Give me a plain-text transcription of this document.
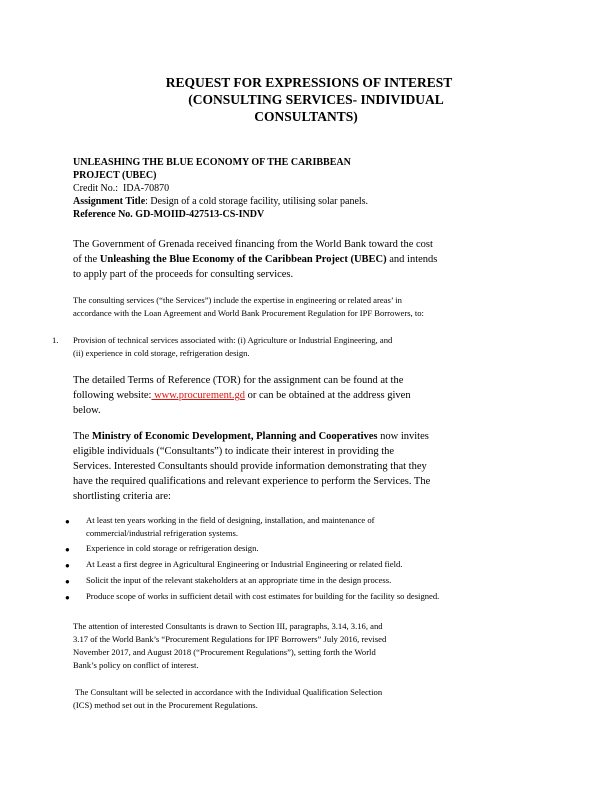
REQUEST FOR EXPRESSIONS OF INTEREST
(CONSULTING SERVICES- INDIVIDUAL
CONSULTANTS)
UNLEASHING THE BLUE ECONOMY OF THE CARIBBEAN
PROJECT (UBEC)
Credit No.: IDA-70870
Assignment Title: Design of a cold storage facility, utilising solar panels.
Reference No. GD-MOIID-427513-CS-INDV
The Government of Grenada received financing from the World Bank toward the cost
of the Unleashing the Blue Economy of the Caribbean Project (UBEC) and intends
to apply part of the proceeds for consulting services.
The consulting services (“the Services”) include the expertise in engineering or related areas’ in
accordance with the Loan Agreement and World Bank Procurement Regulation for IPF Borrowers, to:
1. Provision of technical services associated with: (i) Agriculture or Industrial Engineering, and
(ii) experience in cold storage, refrigeration design.
The detailed Terms of Reference (TOR) for the assignment can be found at the
following website: www.procurement.gd or can be obtained at the address given
below.
The Ministry of Economic Development, Planning and Cooperatives now invites
eligible individuals (“Consultants”) to indicate their interest in providing the
Services. Interested Consultants should provide information demonstrating that they
have the required qualifications and relevant experience to perform the Services. The
shortlisting criteria are:
● At least ten years working in the field of designing, installation, and maintenance of
commercial/industrial refrigeration systems.
● Experience in cold storage or refrigeration design.
● At Least a first degree in Agricultural Engineering or Industrial Engineering or related field.
● Solicit the input of the relevant stakeholders at an appropriate time in the design process.
● Produce scope of works in sufficient detail with cost estimates for building for the facility so designed.
The attention of interested Consultants is drawn to Section III, paragraphs, 3.14, 3.16, and
3.17 of the World Bank’s “Procurement Regulations for IPF Borrowers” July 2016, revised
November 2017, and August 2018 (“Procurement Regulations”), setting forth the World
Bank’s policy on conflict of interest.
The Consultant will be selected in accordance with the Individual Qualification Selection
(ICS) method set out in the Procurement Regulations.
